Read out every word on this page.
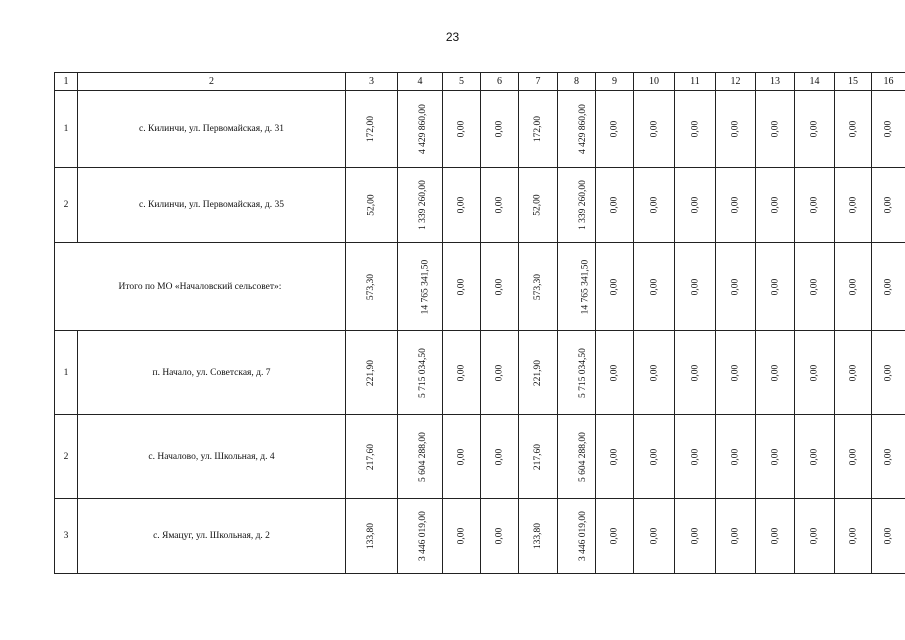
23
1	2	3	4	5	6	7	8	9	10	11	12	13	14	15	16
1	с. Килинчи, ул. Первомайская, д. 31	172,00	4 429 860,00	0,00	0,00	172,00	4 429 860,00	0,00	0,00	0,00	0,00	0,00	0,00	0,00	0,00
2	с. Килинчи, ул. Первомайская, д. 35	52,00	1 339 260,00	0,00	0,00	52,00	1 339 260,00	0,00	0,00	0,00	0,00	0,00	0,00	0,00	0,00
Итого по МО «Началовский сельсовет»:		573,30	14 765 341,50	0,00	0,00	573,30	14 765 341,50	0,00	0,00	0,00	0,00	0,00	0,00	0,00	0,00
1	п. Начало, ул. Советская, д. 7	221,90	5 715 034,50	0,00	0,00	221,90	5 715 034,50	0,00	0,00	0,00	0,00	0,00	0,00	0,00	0,00
2	с. Началово, ул. Школьная, д. 4	217,60	5 604 288,00	0,00	0,00	217,60	5 604 288,00	0,00	0,00	0,00	0,00	0,00	0,00	0,00	0,00
3	с. Ямацуг, ул. Школьная, д. 2	133,80	3 446 019,00	0,00	0,00	133,80	3 446 019,00	0,00	0,00	0,00	0,00	0,00	0,00	0,00	0,00
